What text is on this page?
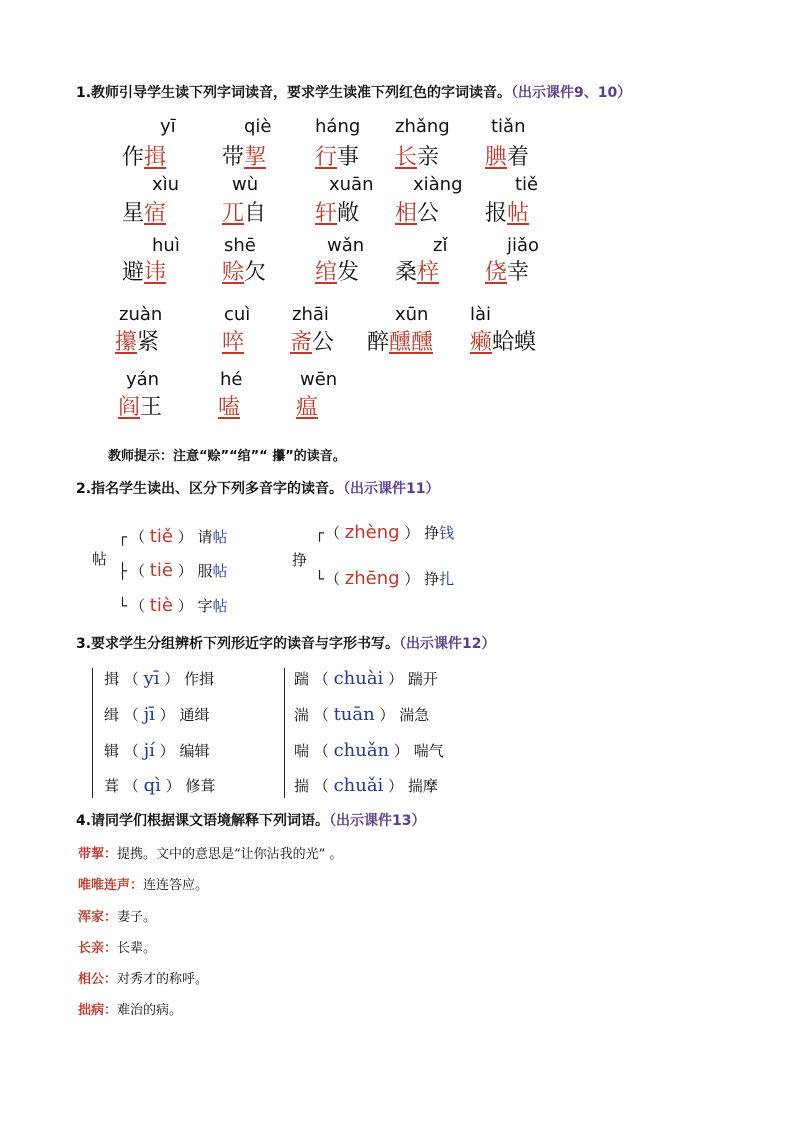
1.教师引导学生读下列字词读音，要求学生读准下列红色的字词读音。（出示课件9、10）
yī
作揖
qiè
带挈
háng
行事
zhǎng
长亲
tiǎn
腆着
xìu
星宿
wù
兀自
xuān
轩敞
xiàng
相公
tiě
报帖
huì
避讳
shē
赊欠
wǎn
绾发
zǐ
桑梓
jiǎo
侥幸
zuàn
攥紧
cuì
啐
zhāi
斋公
xūn
醉醺醺
lài
癞蛤蟆
yán
阎王
hé
嗑
wēn
瘟
教师提示：注意“赊”“绾”“ 攥”的读音。
2.指名学生读出、区分下列多音字的读音。（出示课件11）
帖
┌ （ tiě ） 请帖
├ （ tiē ） 服帖
└ （ tiè ） 字帖
挣
┌ （ zhèng ） 挣钱
└ （ zhēng ） 挣扎
3.要求学生分组辨析下列形近字的读音与字形书写。（出示课件12）
揖 （ yī ） 作揖
缉 （ jī ） 通缉
辑 （ jí ） 编辑
葺 （ qì ） 修葺
踹 （ chuài ） 踹开
湍 （ tuān ） 湍急
喘 （ chuǎn ） 喘气
揣 （ chuǎi ） 揣摩
4.请同学们根据课文语境解释下列词语。（出示课件13）
带挈：提携。文中的意思是“让你沾我的光” 。
唯唯连声：连连答应。
浑家：妻子。
长亲：长辈。
相公：对秀才的称呼。
拙病：难治的病。
